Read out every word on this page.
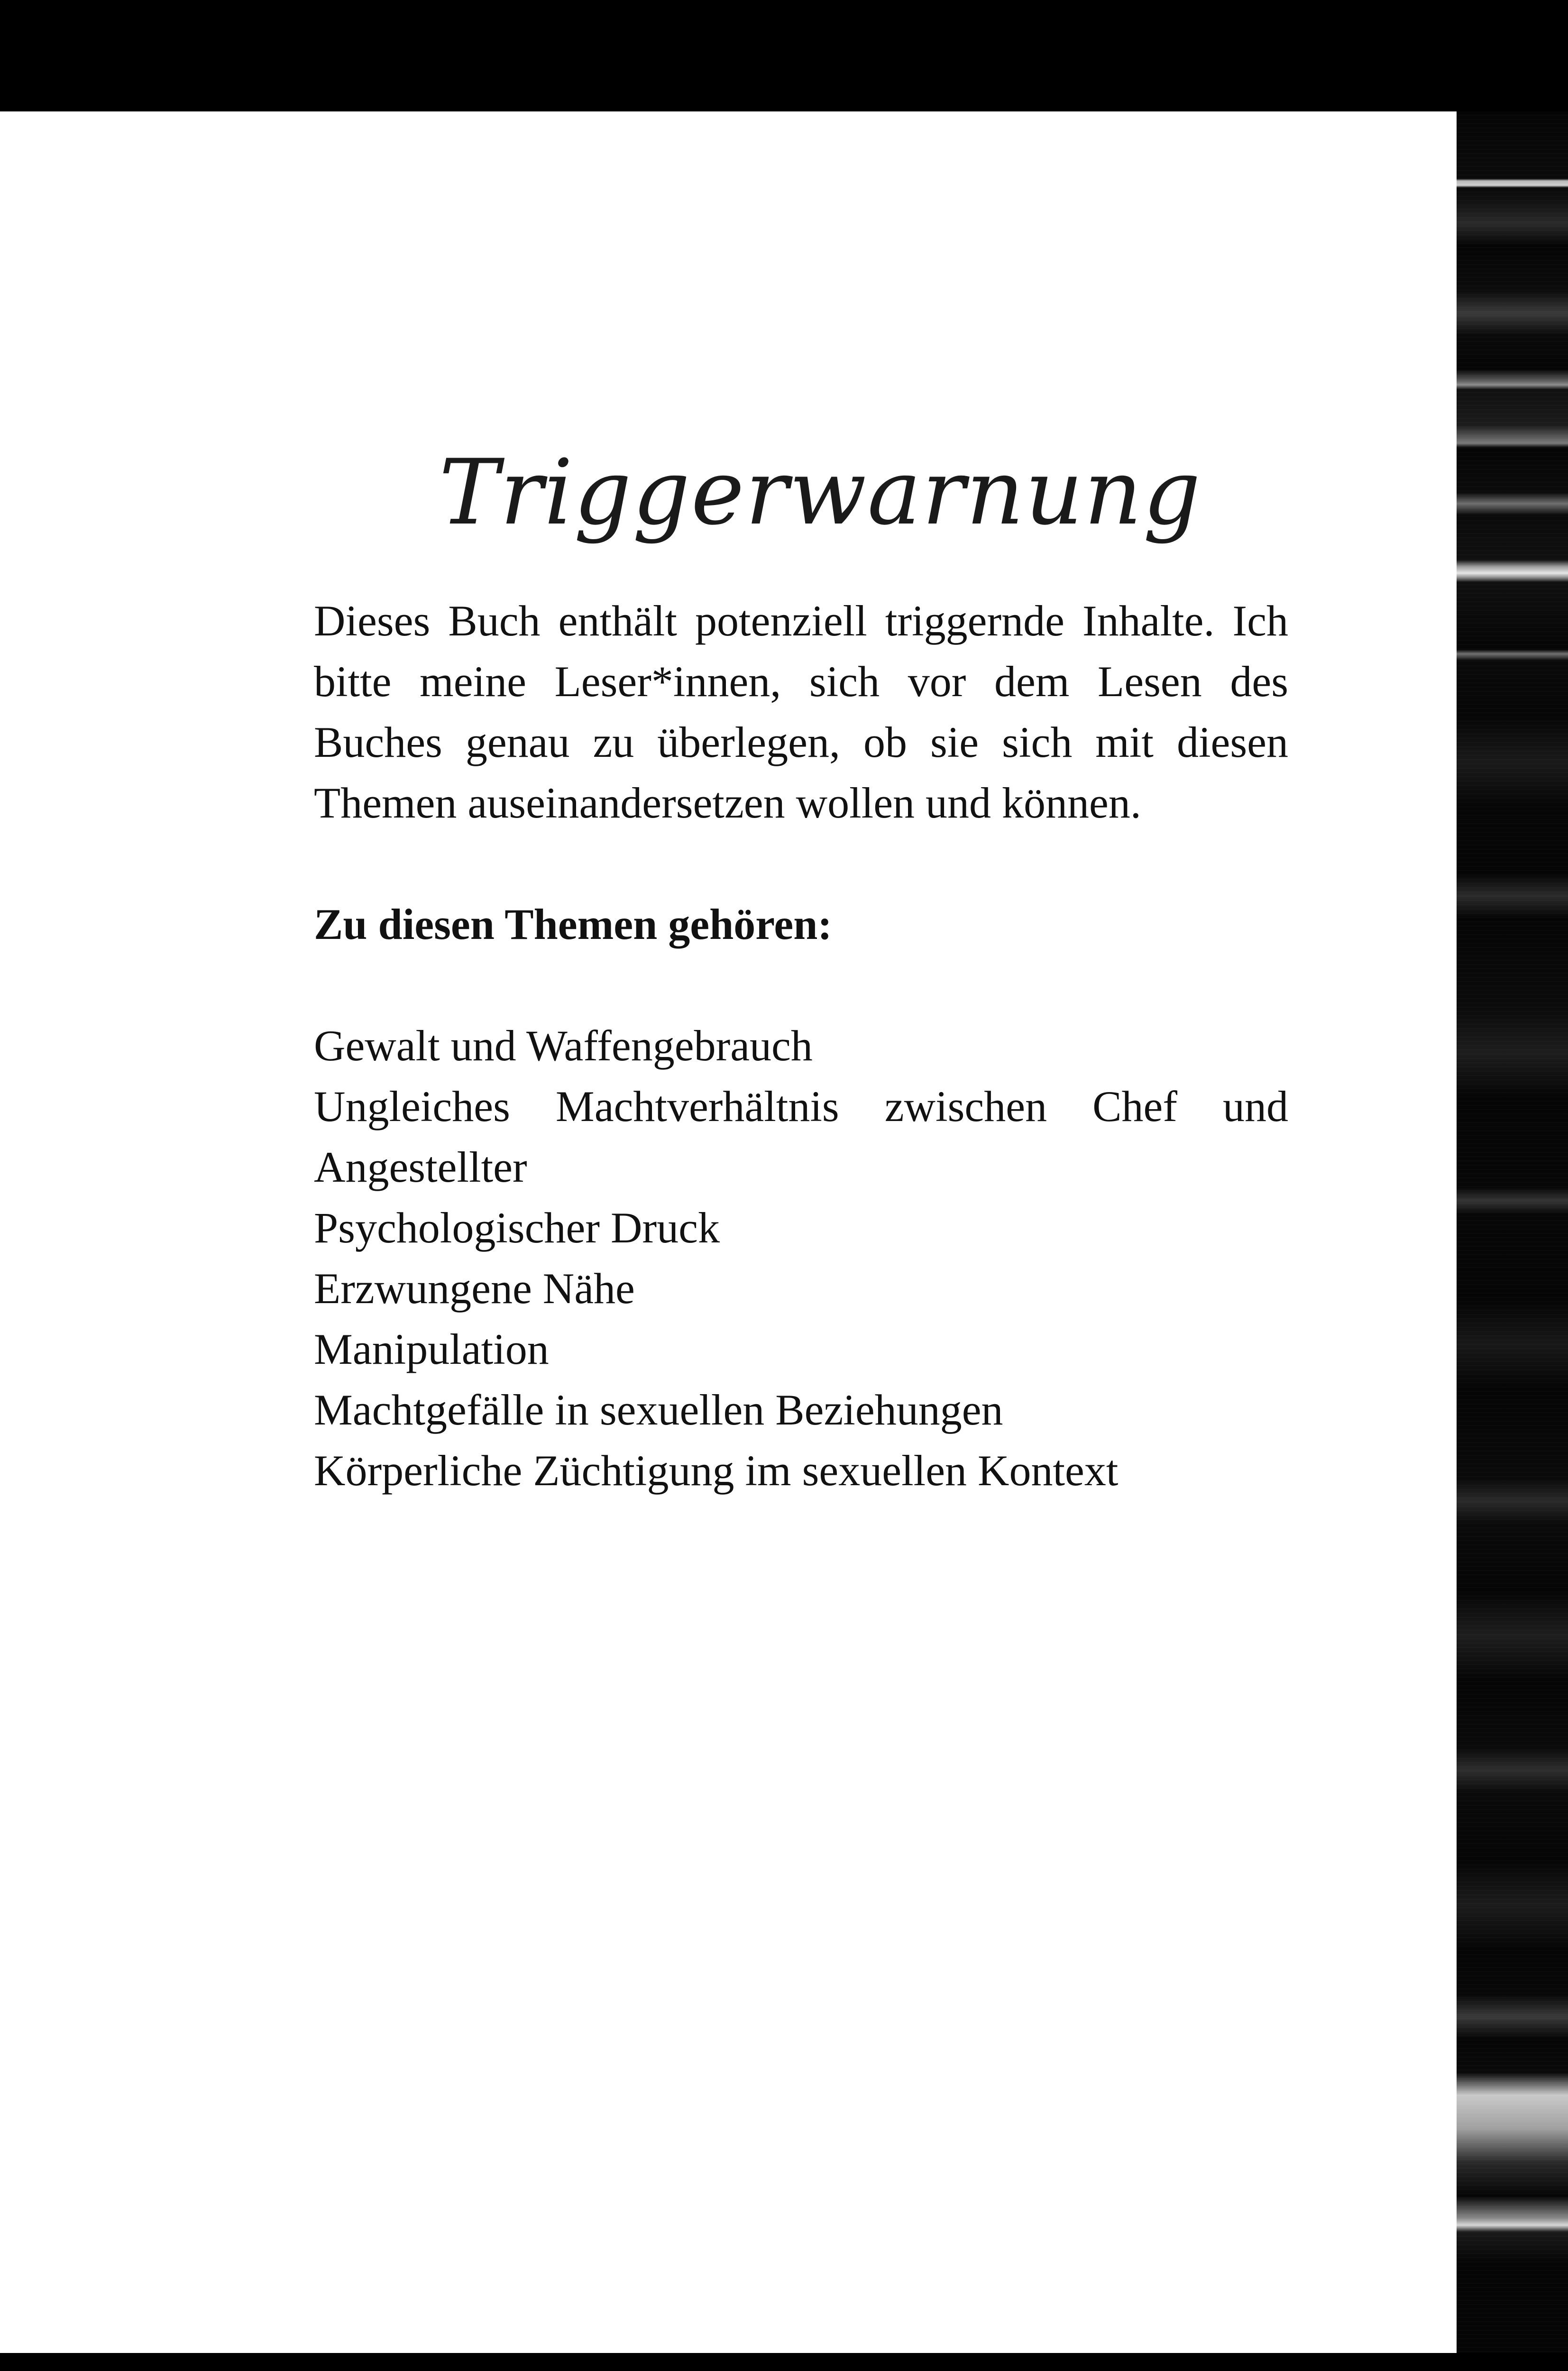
Triggerwarnung

Dieses Buch enthält potenziell triggernde Inhalte. Ich bitte meine Leser*innen, sich vor dem Lesen des Buches genau zu überlegen, ob sie sich mit diesen Themen auseinandersetzen wollen und können.

Zu diesen Themen gehören:

Gewalt und Waffengebrauch
Ungleiches Machtverhältnis zwischen Chef und Angestellter
Psychologischer Druck
Erzwungene Nähe
Manipulation
Machtgefälle in sexuellen Beziehungen
Körperliche Züchtigung im sexuellen Kontext
